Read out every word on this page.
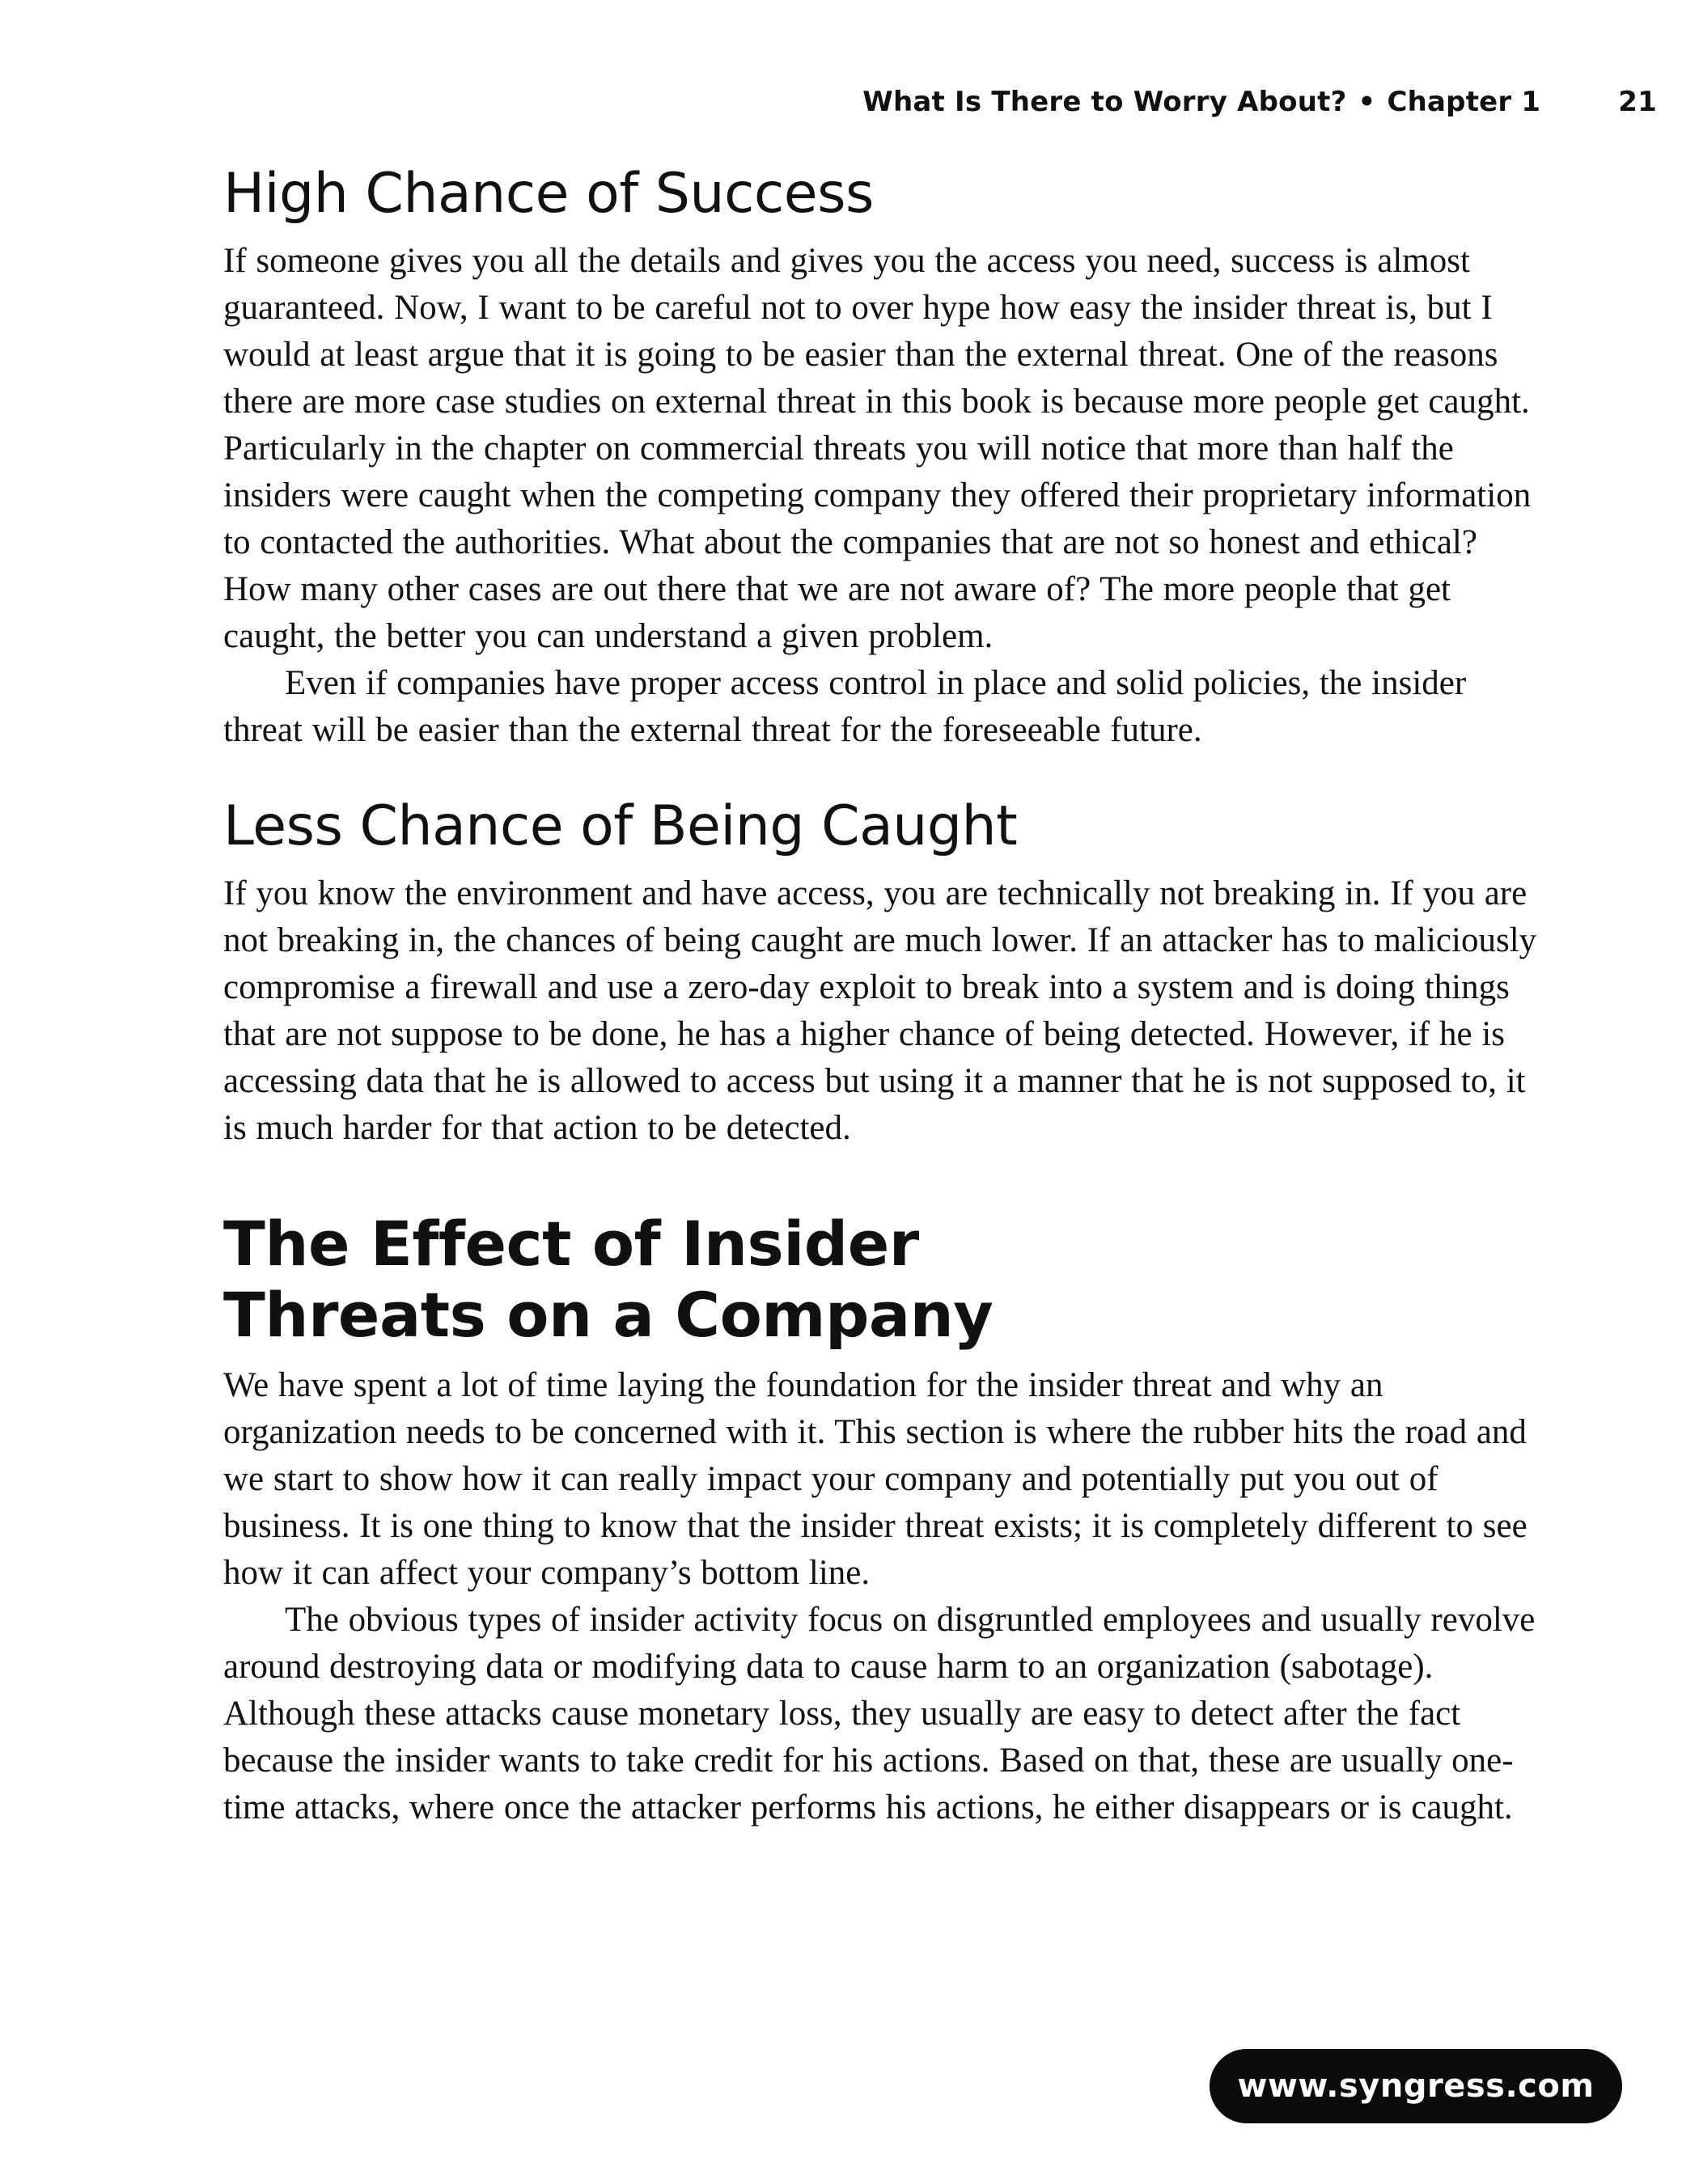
What Is There to Worry About? • Chapter 1	21
High Chance of Success

If someone gives you all the details and gives you the access you need, success is almost guaranteed. Now, I want to be careful not to over hype how easy the insider threat is, but I would at least argue that it is going to be easier than the external threat. One of the reasons there are more case studies on external threat in this book is because more people get caught. Particularly in the chapter on commercial threats you will notice that more than half the insiders were caught when the competing company they offered their proprietary information to contacted the authorities. What about the companies that are not so honest and ethical? How many other cases are out there that we are not aware of? The more people that get caught, the better you can understand a given problem.

Even if companies have proper access control in place and solid policies, the insider threat will be easier than the external threat for the foreseeable future.

Less Chance of Being Caught

If you know the environment and have access, you are technically not breaking in. If you are not breaking in, the chances of being caught are much lower. If an attacker has to maliciously compromise a firewall and use a zero-day exploit to break into a system and is doing things that are not suppose to be done, he has a higher chance of being detected. However, if he is accessing data that he is allowed to access but using it a manner that he is not supposed to, it is much harder for that action to be detected.

The Effect of Insider
Threats on a Company

We have spent a lot of time laying the foundation for the insider threat and why an organization needs to be concerned with it. This section is where the rubber hits the road and we start to show how it can really impact your company and potentially put you out of business. It is one thing to know that the insider threat exists; it is completely different to see how it can affect your company’s bottom line.

The obvious types of insider activity focus on disgruntled employees and usually revolve around destroying data or modifying data to cause harm to an organization (sabotage). Although these attacks cause monetary loss, they usually are easy to detect after the fact because the insider wants to take credit for his actions. Based on that, these are usually one-time attacks, where once the attacker performs his actions, he either disappears or is caught.

www.syngress.com
